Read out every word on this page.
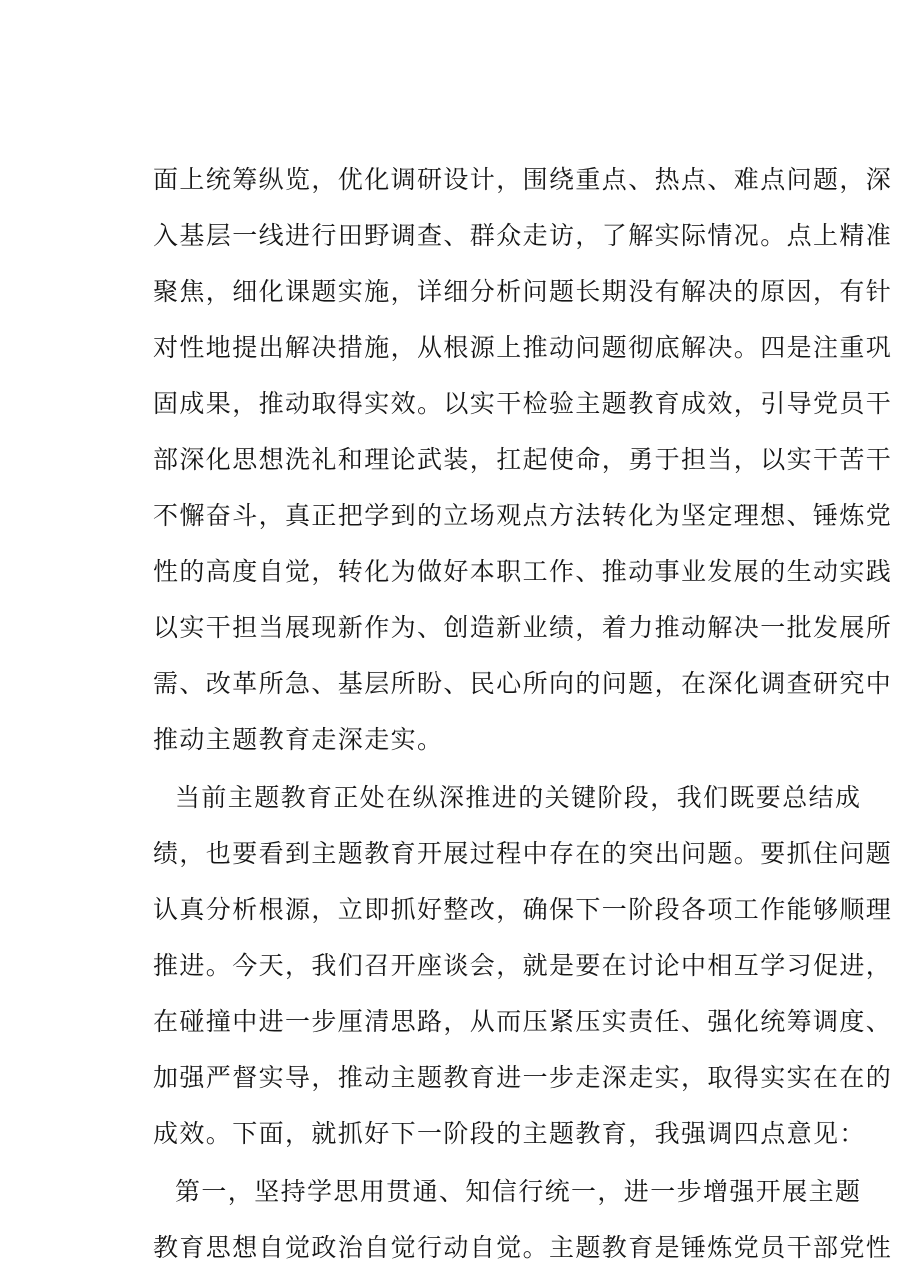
面上统筹纵览，优化调研设计，围绕重点、热点、难点问题，深
入基层一线进行田野调查、群众走访，了解实际情况。点上精准
聚焦，细化课题实施，详细分析问题长期没有解决的原因，有针
对性地提出解决措施，从根源上推动问题彻底解决。四是注重巩
固成果，推动取得实效。以实干检验主题教育成效，引导党员干
部深化思想洗礼和理论武装，扛起使命，勇于担当，以实干苦干
不懈奋斗，真正把学到的立场观点方法转化为坚定理想、锤炼党
性的高度自觉，转化为做好本职工作、推动事业发展的生动实践
以实干担当展现新作为、创造新业绩，着力推动解决一批发展所
需、改革所急、基层所盼、民心所向的问题，在深化调查研究中
推动主题教育走深走实。
当前主题教育正处在纵深推进的关键阶段，我们既要总结成
绩，也要看到主题教育开展过程中存在的突出问题。要抓住问题
认真分析根源，立即抓好整改，确保下一阶段各项工作能够顺理
推进。今天，我们召开座谈会，就是要在讨论中相互学习促进，
在碰撞中进一步厘清思路，从而压紧压实责任、强化统筹调度、
加强严督实导，推动主题教育进一步走深走实，取得实实在在的
成效。下面，就抓好下一阶段的主题教育，我强调四点意见：
第一，坚持学思用贯通、知信行统一，进一步增强开展主题
教育思想自觉政治自觉行动自觉。主题教育是锤炼党员干部党性
